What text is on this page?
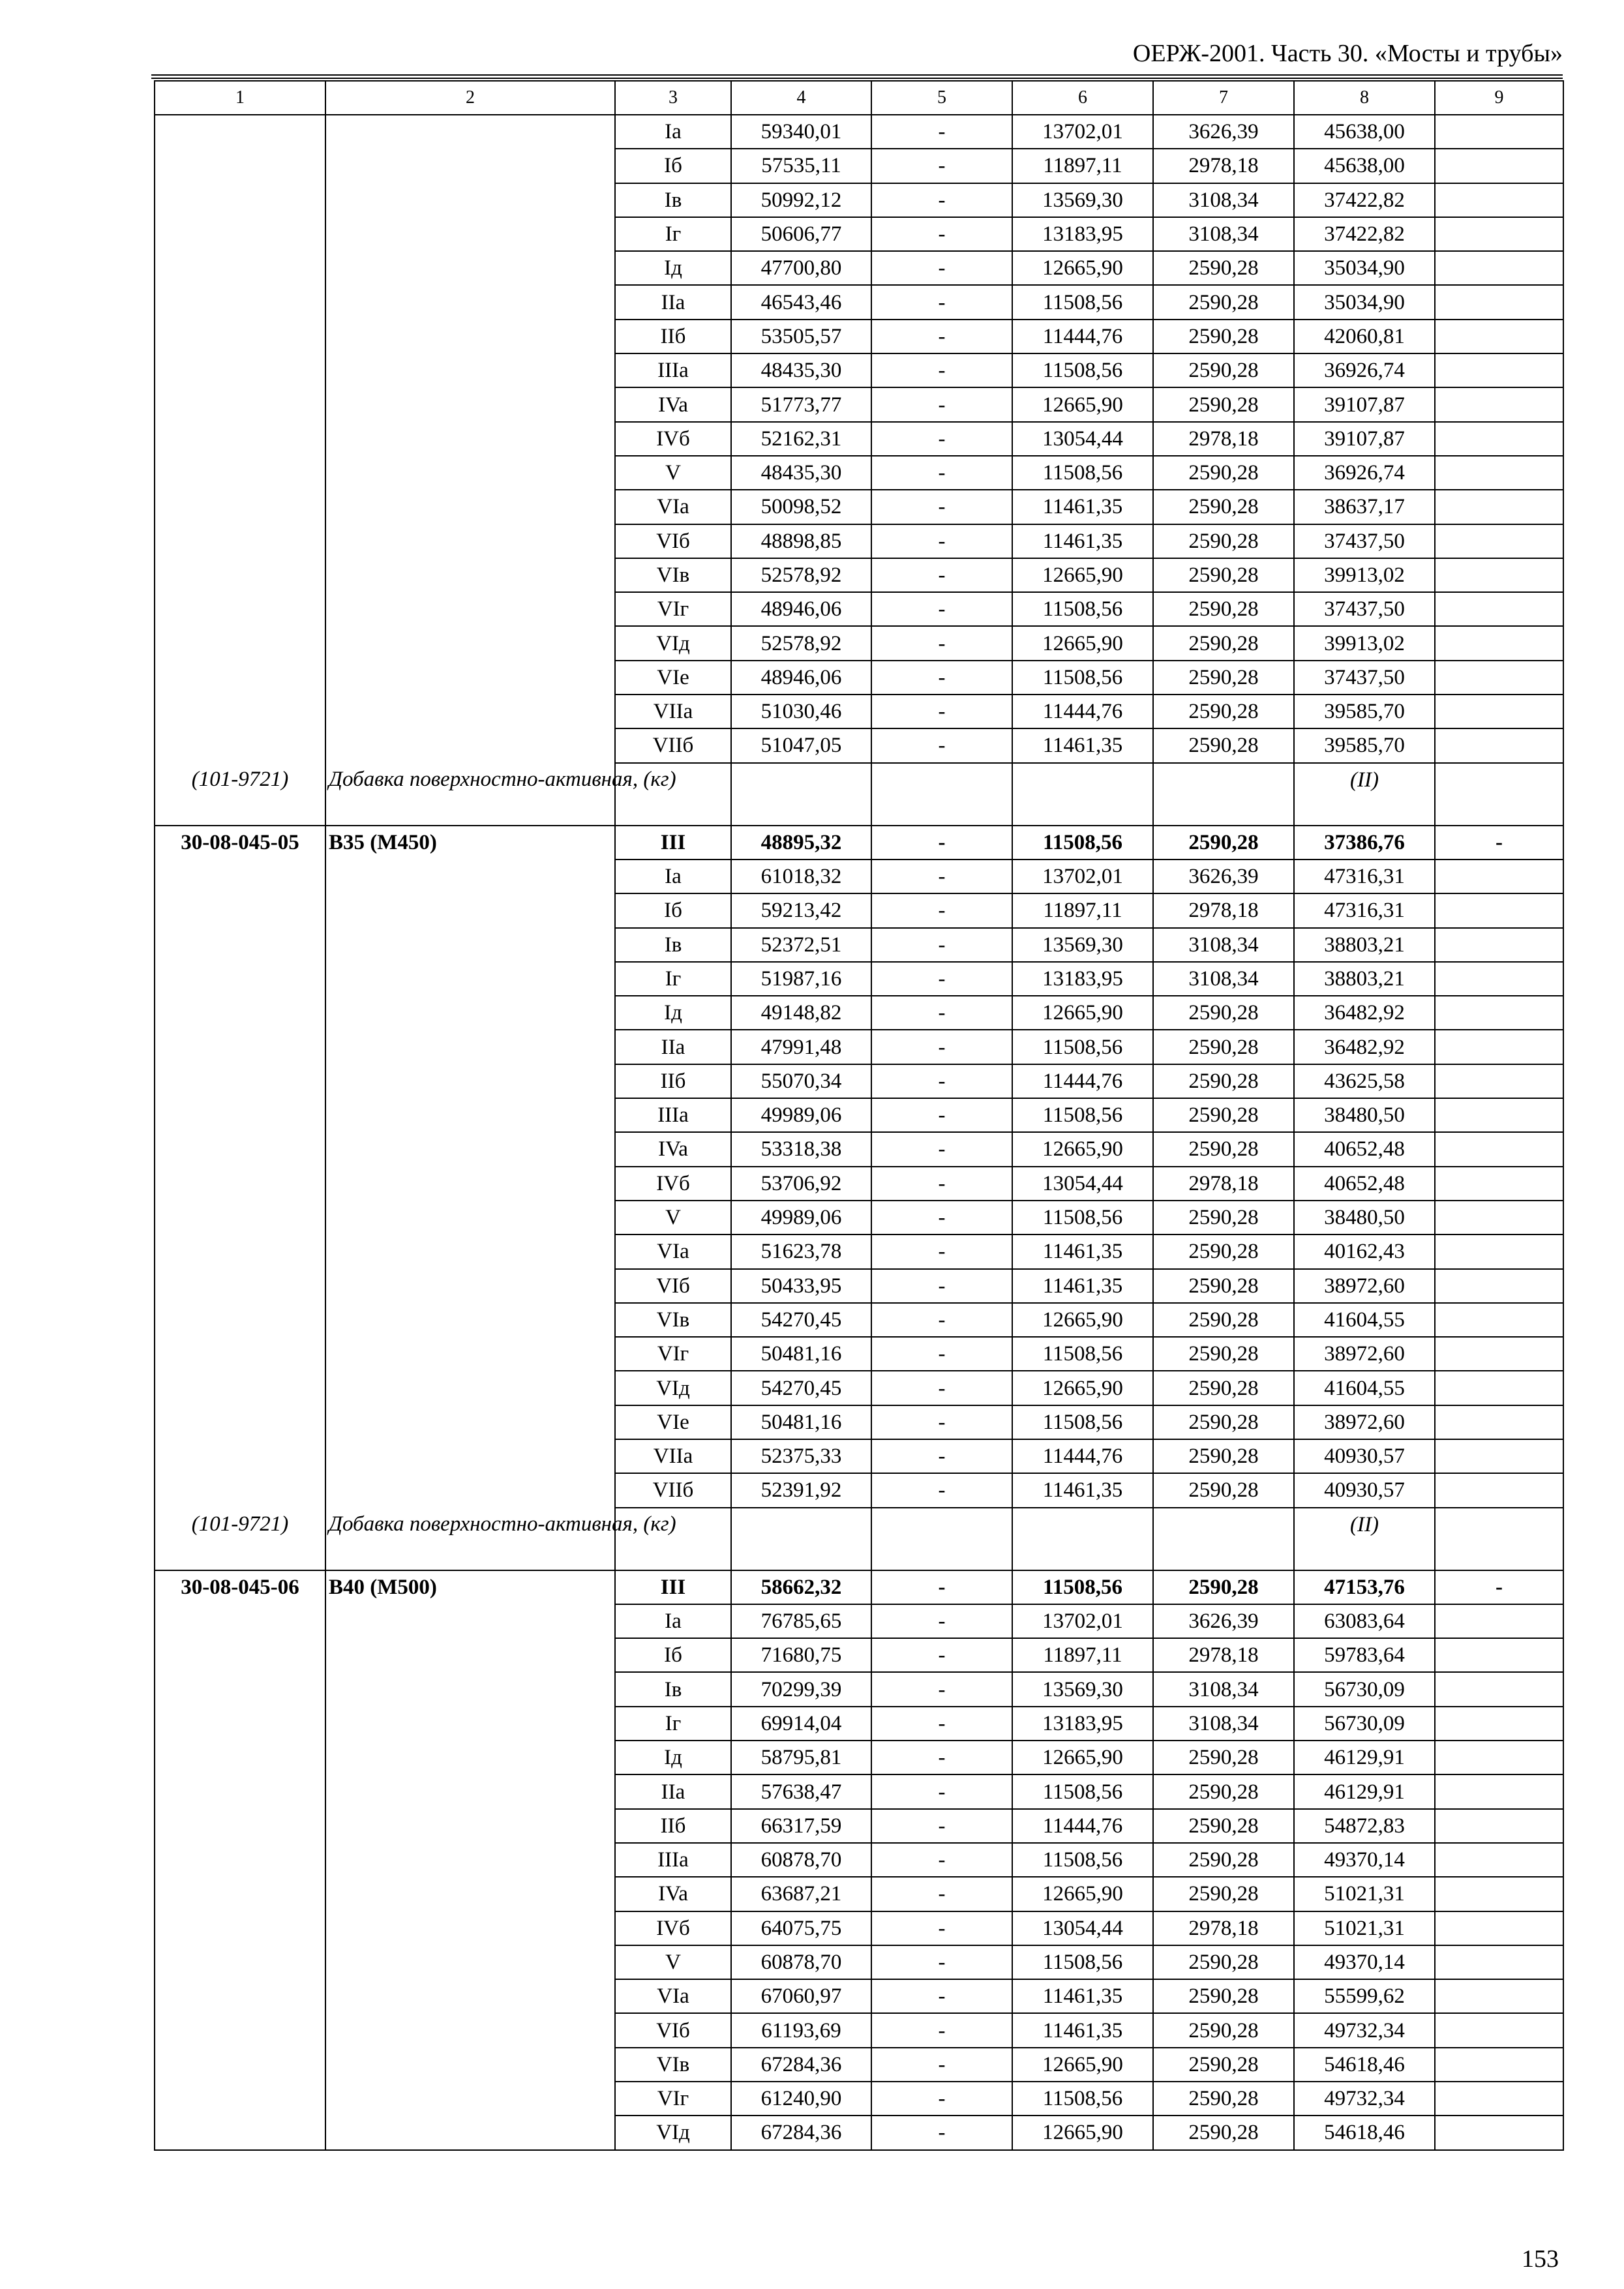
ОЕРЖ-2001. Часть 30. «Мосты и трубы»
1	2	3	4	5	6	7	8	9
		Ia	59340,01	-	13702,01	3626,39	45638,00	
		Iб	57535,11	-	11897,11	2978,18	45638,00	
		Iв	50992,12	-	13569,30	3108,34	37422,82	
		Iг	50606,77	-	13183,95	3108,34	37422,82	
		Iд	47700,80	-	12665,90	2590,28	35034,90	
		IIa	46543,46	-	11508,56	2590,28	35034,90	
		IIб	53505,57	-	11444,76	2590,28	42060,81	
		IIIa	48435,30	-	11508,56	2590,28	36926,74	
		IVa	51773,77	-	12665,90	2590,28	39107,87	
		IVб	52162,31	-	13054,44	2978,18	39107,87	
		V	48435,30	-	11508,56	2590,28	36926,74	
		VIa	50098,52	-	11461,35	2590,28	38637,17	
		VIб	48898,85	-	11461,35	2590,28	37437,50	
		VIв	52578,92	-	12665,90	2590,28	39913,02	
		VIг	48946,06	-	11508,56	2590,28	37437,50	
		VIд	52578,92	-	12665,90	2590,28	39913,02	
		VIe	48946,06	-	11508,56	2590,28	37437,50	
		VIIa	51030,46	-	11444,76	2590,28	39585,70	
		VIIб	51047,05	-	11461,35	2590,28	39585,70	
(101-9721)	Добавка поверхностно-активная, (кг)						(II)	
30-08-045-05	B35 (M450)	III	48895,32	-	11508,56	2590,28	37386,76	-
		Ia	61018,32	-	13702,01	3626,39	47316,31	
		Iб	59213,42	-	11897,11	2978,18	47316,31	
		Iв	52372,51	-	13569,30	3108,34	38803,21	
		Iг	51987,16	-	13183,95	3108,34	38803,21	
		Iд	49148,82	-	12665,90	2590,28	36482,92	
		IIa	47991,48	-	11508,56	2590,28	36482,92	
		IIб	55070,34	-	11444,76	2590,28	43625,58	
		IIIa	49989,06	-	11508,56	2590,28	38480,50	
		IVa	53318,38	-	12665,90	2590,28	40652,48	
		IVб	53706,92	-	13054,44	2978,18	40652,48	
		V	49989,06	-	11508,56	2590,28	38480,50	
		VIa	51623,78	-	11461,35	2590,28	40162,43	
		VIб	50433,95	-	11461,35	2590,28	38972,60	
		VIв	54270,45	-	12665,90	2590,28	41604,55	
		VIг	50481,16	-	11508,56	2590,28	38972,60	
		VIд	54270,45	-	12665,90	2590,28	41604,55	
		VIe	50481,16	-	11508,56	2590,28	38972,60	
		VIIa	52375,33	-	11444,76	2590,28	40930,57	
		VIIб	52391,92	-	11461,35	2590,28	40930,57	
(101-9721)	Добавка поверхностно-активная, (кг)						(II)	
30-08-045-06	B40 (M500)	III	58662,32	-	11508,56	2590,28	47153,76	-
		Ia	76785,65	-	13702,01	3626,39	63083,64	
		Iб	71680,75	-	11897,11	2978,18	59783,64	
		Iв	70299,39	-	13569,30	3108,34	56730,09	
		Iг	69914,04	-	13183,95	3108,34	56730,09	
		Iд	58795,81	-	12665,90	2590,28	46129,91	
		IIa	57638,47	-	11508,56	2590,28	46129,91	
		IIб	66317,59	-	11444,76	2590,28	54872,83	
		IIIa	60878,70	-	11508,56	2590,28	49370,14	
		IVa	63687,21	-	12665,90	2590,28	51021,31	
		IVб	64075,75	-	13054,44	2978,18	51021,31	
		V	60878,70	-	11508,56	2590,28	49370,14	
		VIa	67060,97	-	11461,35	2590,28	55599,62	
		VIб	61193,69	-	11461,35	2590,28	49732,34	
		VIв	67284,36	-	12665,90	2590,28	54618,46	
		VIг	61240,90	-	11508,56	2590,28	49732,34	
		VIд	67284,36	-	12665,90	2590,28	54618,46	
153
